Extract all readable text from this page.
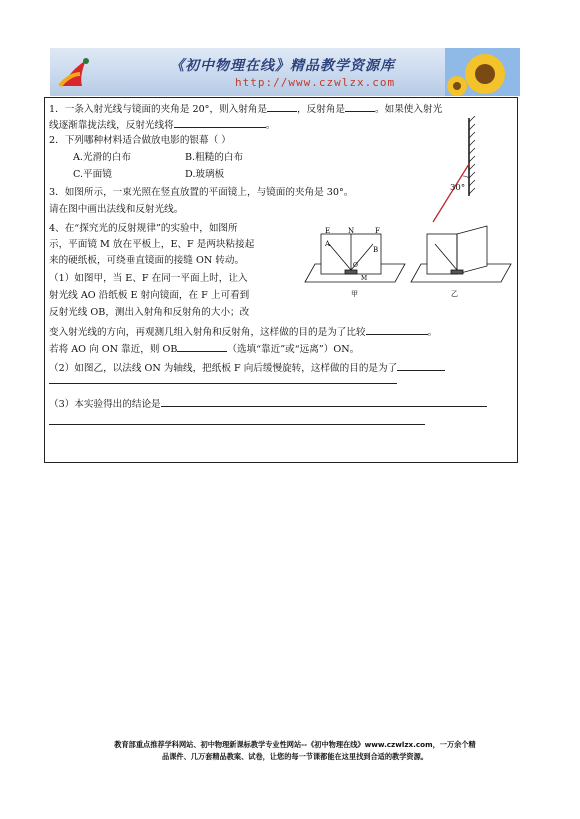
《初中物理在线》精品教学资源库
http://www.czwlzx.com
1．一条入射光线与镜面的夹角是 20°，则入射角是	，反射角是	。如果使入射光
线逐渐靠拢法线，反射光线将	。
2．下列哪种材料适合做放电影的银幕（ ）
A.光滑的白布	B.粗糙的白布
C.平面镜	D.玻璃板
3．如图所示，一束光照在竖直放置的平面镜上，与镜面的夹角是 30°。
请在图中画出法线和反射光线。
30°
4、在“探究光的反射规律”的实验中，如图所
示，平面镜 M 放在平板上，E、F 是两块粘接起
来的硬纸板，可绕垂直镜面的接缝 ON 转动。
（1）如图甲，当 E、F 在同一平面上时，让入
射光线 AO 沿纸板 E 射向镜面，在 F 上可看到
反射光线 OB，测出入射角和反射角的大小；改
变入射光线的方向，再观测几组入射角和反射角，这样做的目的是为了比较	。
若将 AO 向 ON 靠近，则 OB	（选填“靠近”或“远离”）ON。
（2）如图乙，以法线 ON 为轴线，把纸板 F 向后缓慢旋转，这样做的目的是为了
（3）本实验得出的结论是
E	N	F
A
B
O
M
甲	乙
教育部重点推荐学科网站、初中物理新课标教学专业性网站--《初中物理在线》www.czwlzx.com，一万余个精
品课件、几万套精品教案、试卷，让您的每一节课都能在这里找到合适的教学资源。
